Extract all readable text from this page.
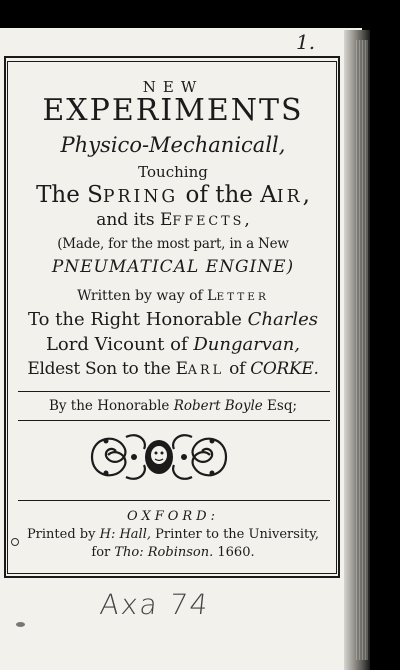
1.
NEW
EXPERIMENTS
Physico-Mechanicall,
Touching
The SPRING of the AIR,
and its EFFECTS,
(Made, for the most part, in a New
PNEUMATICAL ENGINE)
Written by way of LETTER
To the Right Honorable Charles
Lord Vicount of Dungarvan,
Eldest Son to the EARL of CORKE.
By the Honorable Robert Boyle Esq;
OXFORD:
Printed by H: Hall, Printer to the University,
for Tho: Robinson. 1660.
Axa 74
